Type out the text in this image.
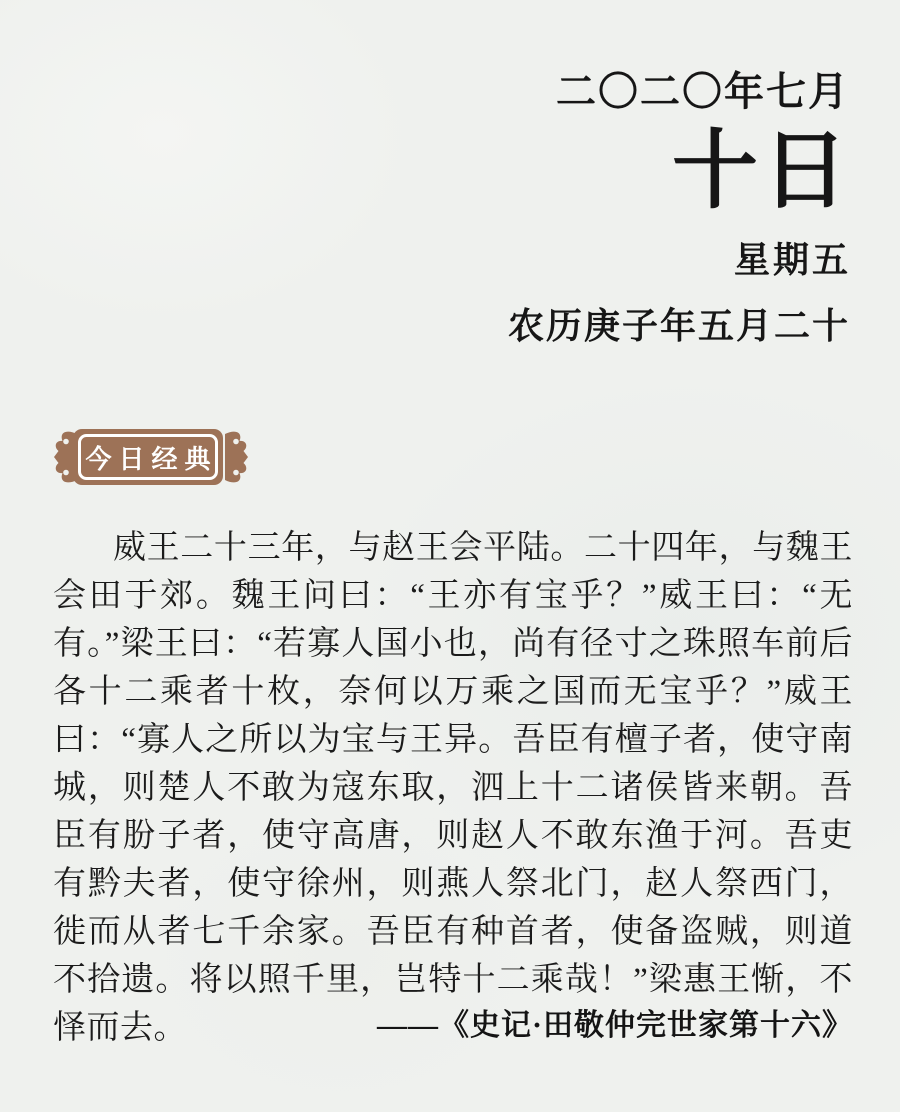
二〇二〇年七月
十日
星期五
农历庚子年五月二十
今日经典
威王二十三年，与赵王会平陆。二十四年，与魏王会田于郊。魏王问曰：“王亦有宝乎？”威王曰：“无有。”梁王曰：“若寡人国小也，尚有径寸之珠照车前后各十二乘者十枚，奈何以万乘之国而无宝乎？”威王曰：“寡人之所以为宝与王异。吾臣有檀子者，使守南城，则楚人不敢为寇东取，泗上十二诸侯皆来朝。吾臣有朌子者，使守高唐，则赵人不敢东渔于河。吾吏有黔夫者，使守徐州，则燕人祭北门，赵人祭西门，徙而从者七千余家。吾臣有种首者，使备盗贼，则道不拾遗。将以照千里，岂特十二乘哉！”梁惠王惭，不怿而去。	——《史记·田敬仲完世家第十六》
